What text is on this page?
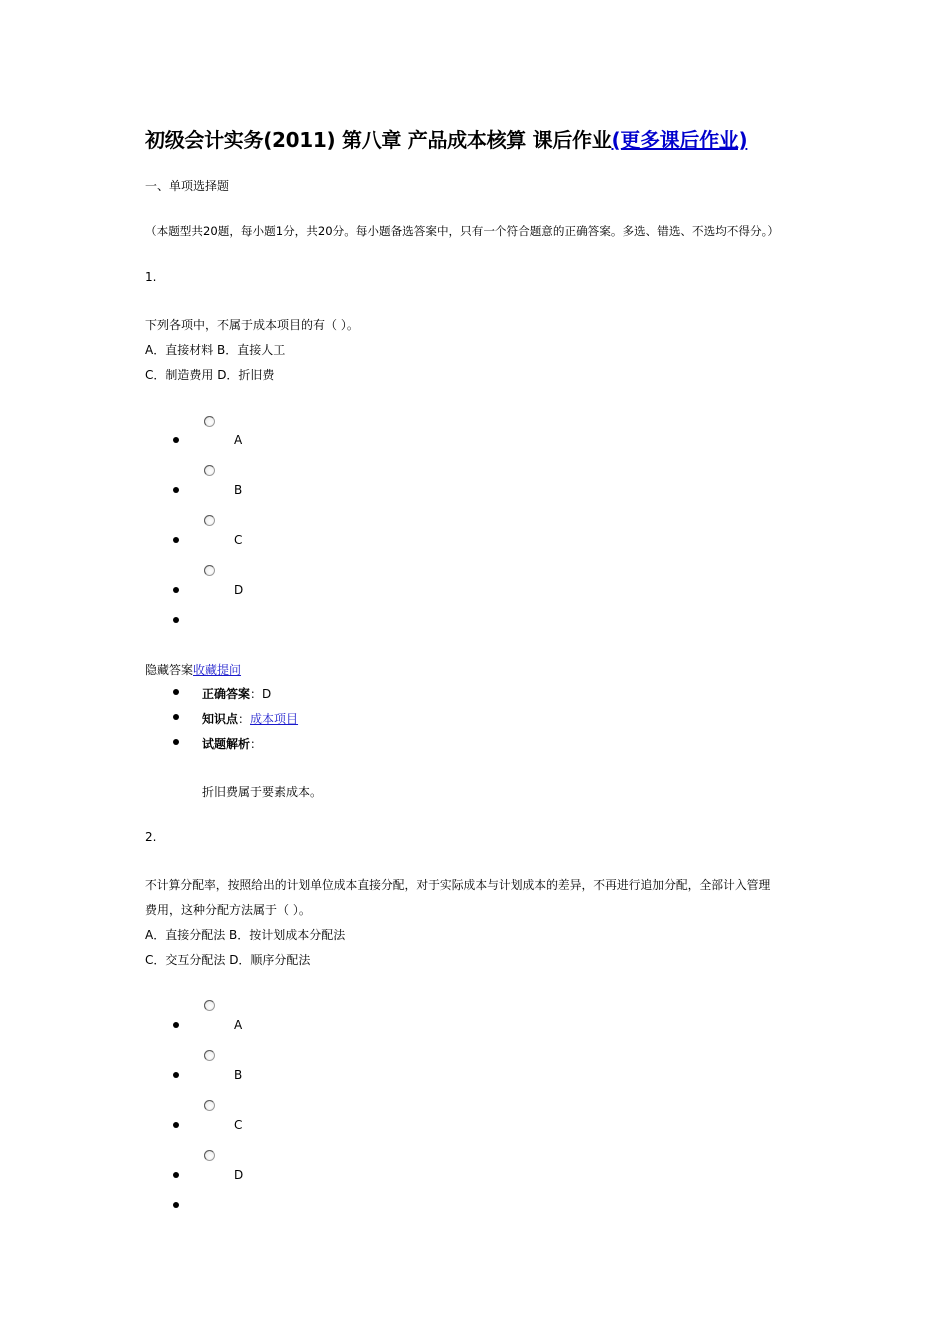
初级会计实务(2011) 第八章 产品成本核算 课后作业(更多课后作业)
一、单项选择题
（本题型共20题，每小题1分，共20分。每小题备选答案中，只有一个符合题意的正确答案。多选、错选、不选均不得分。）
1.
下列各项中，不属于成本项目的有（ ）。
A．直接材料 B．直接人工
C．制造费用 D．折旧费
A
B
C
D
隐藏答案收藏提问
正确答案：D
知识点：成本项目
试题解析：
折旧费属于要素成本。
2.
不计算分配率，按照给出的计划单位成本直接分配，对于实际成本与计划成本的差异，不再进行追加分配，全部计入管理
费用，这种分配方法属于（ ）。
A．直接分配法 B．按计划成本分配法
C．交互分配法 D．顺序分配法
A
B
C
D
